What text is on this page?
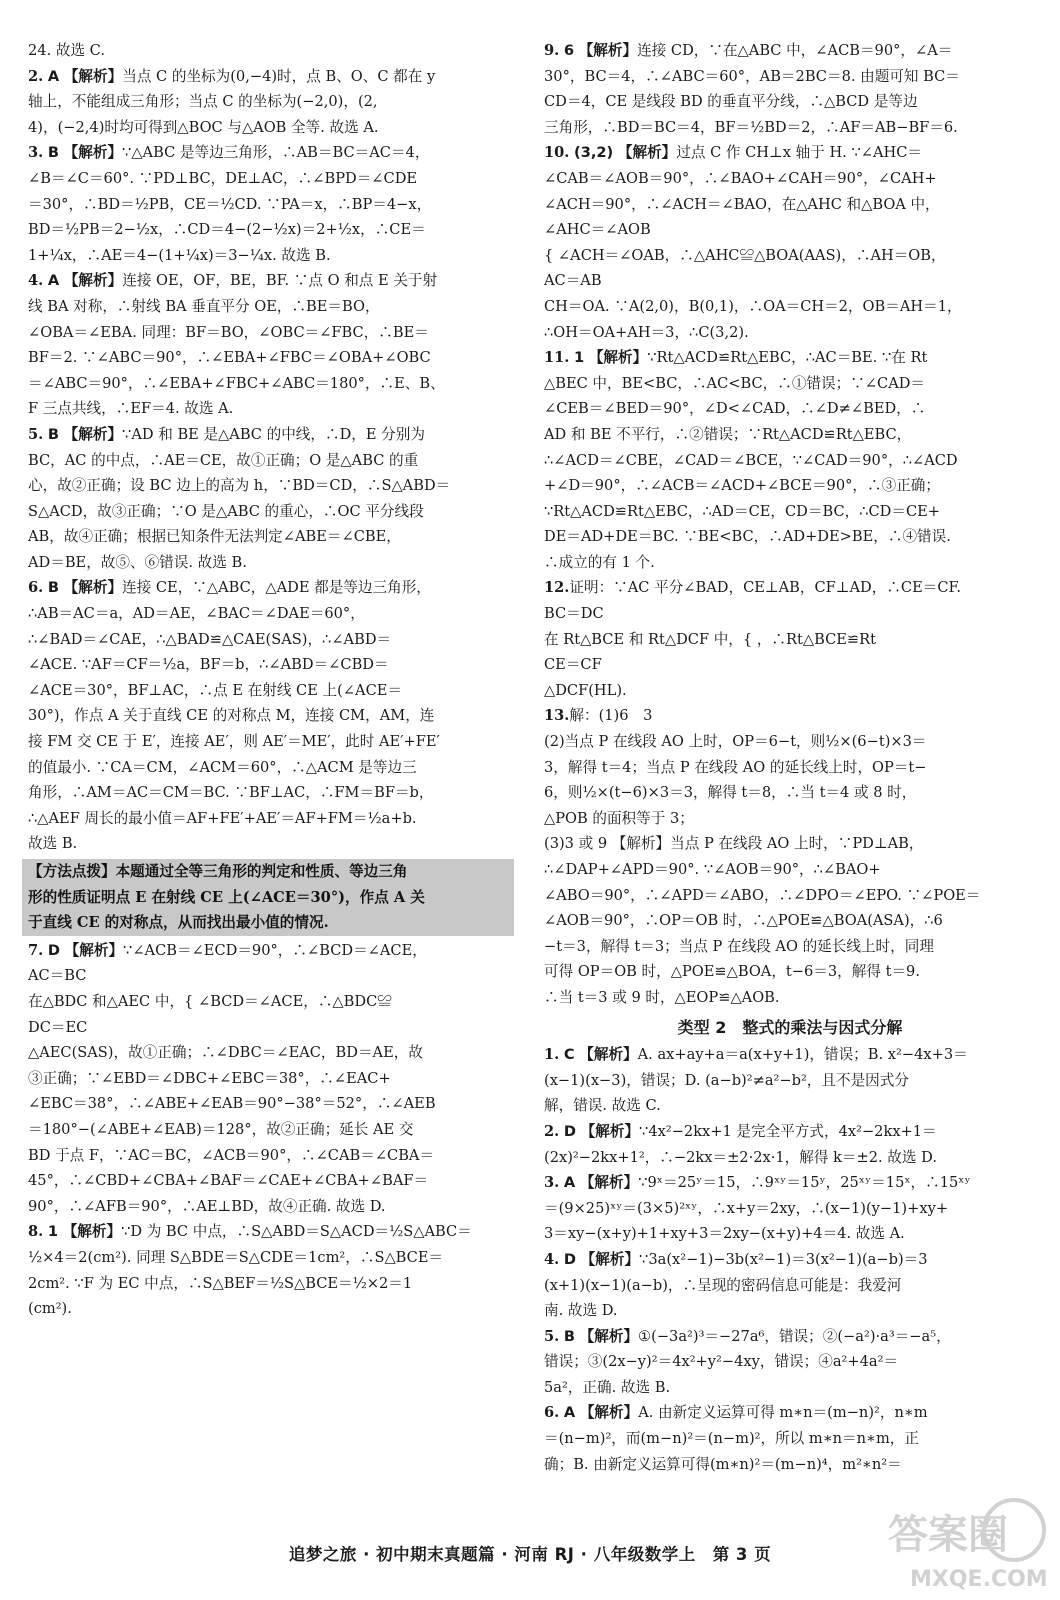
24. 故选 C.
2. A 【解析】当点 C 的坐标为(0,−4)时，点 B、O、C 都在 y
轴上，不能组成三角形；当点 C 的坐标为(−2,0)，(2,
4)，(−2,4)时均可得到△BOC 与△AOB 全等. 故选 A.
3. B 【解析】∵△ABC 是等边三角形，∴AB＝BC＝AC＝4，
∠B＝∠C＝60°. ∵PD⊥BC，DE⊥AC，∴∠BPD＝∠CDE
＝30°，∴BD＝½PB，CE＝½CD. ∵PA＝x，∴BP＝4−x，
BD＝½PB＝2−½x，∴CD＝4−(2−½x)＝2+½x，∴CE＝
1+¼x，∴AE＝4−(1+¼x)＝3−¼x. 故选 B.
4. A 【解析】连接 OE，OF，BE，BF. ∵点 O 和点 E 关于射
线 BA 对称，∴射线 BA 垂直平分 OE，∴BE＝BO，
∠OBA＝∠EBA. 同理：BF＝BO，∠OBC＝∠FBC，∴BE＝
BF＝2. ∵∠ABC＝90°，∴∠EBA+∠FBC＝∠OBA+∠OBC
＝∠ABC＝90°，∴∠EBA+∠FBC+∠ABC＝180°，∴E、B、
F 三点共线，∴EF＝4. 故选 A.
5. B 【解析】∵AD 和 BE 是△ABC 的中线，∴D，E 分别为
BC，AC 的中点，∴AE＝CE，故①正确；O 是△ABC 的重
心，故②正确；设 BC 边上的高为 h，∵BD＝CD，∴S△ABD＝
S△ACD，故③正确；∵O 是△ABC 的重心，∴OC 平分线段
AB，故④正确；根据已知条件无法判定∠ABE＝∠CBE，
AD＝BE，故⑤、⑥错误. 故选 B.
6. B 【解析】连接 CE，∵△ABC，△ADE 都是等边三角形，
∴AB＝AC＝a，AD＝AE，∠BAC＝∠DAE＝60°，
∴∠BAD＝∠CAE，∴△BAD≌△CAE(SAS)，∴∠ABD＝
∠ACE. ∵AF＝CF＝½a，BF＝b，∴∠ABD＝∠CBD＝
∠ACE＝30°，BF⊥AC，∴点 E 在射线 CE 上(∠ACE＝
30°)，作点 A 关于直线 CE 的对称点 M，连接 CM，AM，连
接 FM 交 CE 于 E′，连接 AE′，则 AE′＝ME′，此时 AE′+FE′
的值最小. ∵CA＝CM，∠ACM＝60°，∴△ACM 是等边三
角形，∴AM＝AC＝CM＝BC. ∵BF⊥AC，∴FM＝BF＝b，
∴△AEF 周长的最小值＝AF+FE′+AE′＝AF+FM＝½a+b.
故选 B.
【方法点拨】本题通过全等三角形的判定和性质、等边三角
形的性质证明点 E 在射线 CE 上(∠ACE＝30°)，作点 A 关
于直线 CE 的对称点，从而找出最小值的情况.
7. D 【解析】∵∠ACB＝∠ECD＝90°，∴∠BCD＝∠ACE，
AC＝BC
在△BDC 和△AEC 中，{ ∠BCD＝∠ACE，∴△BDC≌
DC＝EC
△AEC(SAS)，故①正确；∴∠DBC＝∠EAC，BD＝AE，故
③正确；∵∠EBD＝∠DBC+∠EBC＝38°，∴∠EAC+
∠EBC＝38°，∴∠ABE+∠EAB＝90°−38°＝52°，∴∠AEB
＝180°−(∠ABE+∠EAB)＝128°，故②正确；延长 AE 交
BD 于点 F，∵AC＝BC，∠ACB＝90°，∴∠CAB＝∠CBA＝
45°，∴∠CBD+∠CBA+∠BAF＝∠CAE+∠CBA+∠BAF＝
90°，∴∠AFB＝90°，∴AE⊥BD，故④正确. 故选 D.
8. 1 【解析】∵D 为 BC 中点，∴S△ABD＝S△ACD＝½S△ABC＝
½×4＝2(cm²). 同理 S△BDE＝S△CDE＝1cm²，∴S△BCE＝
2cm². ∵F 为 EC 中点，∴S△BEF＝½S△BCE＝½×2＝1
(cm²).
9. 6 【解析】连接 CD，∵在△ABC 中，∠ACB＝90°，∠A＝
30°，BC＝4，∴∠ABC＝60°，AB＝2BC＝8. 由题可知 BC＝
CD＝4，CE 是线段 BD 的垂直平分线，∴△BCD 是等边
三角形，∴BD＝BC＝4，BF＝½BD＝2，∴AF＝AB−BF＝6.
10. (3,2) 【解析】过点 C 作 CH⊥x 轴于 H. ∵∠AHC＝
∠CAB＝∠AOB＝90°，∴∠BAO+∠CAH＝90°，∠CAH+
∠ACH＝90°，∴∠ACH＝∠BAO，在△AHC 和△BOA 中，
∠AHC＝∠AOB
{ ∠ACH＝∠OAB，∴△AHC≌△BOA(AAS)，∴AH＝OB，
AC＝AB
CH＝OA. ∵A(2,0)，B(0,1)，∴OA＝CH＝2，OB＝AH＝1，
∴OH＝OA+AH＝3，∴C(3,2).
11. 1 【解析】∵Rt△ACD≌Rt△EBC，∴AC＝BE. ∵在 Rt
△BEC 中，BE<BC，∴AC<BC，∴①错误；∵∠CAD＝
∠CEB＝∠BED＝90°，∠D<∠CAD，∴∠D≠∠BED，∴
AD 和 BE 不平行，∴②错误；∵Rt△ACD≌Rt△EBC，
∴∠ACD＝∠CBE，∠CAD＝∠BCE，∵∠CAD＝90°，∴∠ACD
+∠D＝90°，∴∠ACB＝∠ACD+∠BCE＝90°，∴③正确；
∵Rt△ACD≌Rt△EBC，∴AD＝CE，CD＝BC，∴CD＝CE+
DE＝AD+DE＝BC. ∵BE<BC，∴AD+DE>BE，∴④错误.
∴成立的有 1 个.
12.证明：∵AC 平分∠BAD，CE⊥AB，CF⊥AD，∴CE＝CF.
BC＝DC
在 Rt△BCE 和 Rt△DCF 中，{ ，∴Rt△BCE≌Rt
CE＝CF
△DCF(HL).
13.解：(1)6　3
(2)当点 P 在线段 AO 上时，OP＝6−t，则½×(6−t)×3＝
3，解得 t＝4；当点 P 在线段 AO 的延长线上时，OP＝t−
6，则½×(t−6)×3＝3，解得 t＝8，∴当 t＝4 或 8 时，
△POB 的面积等于 3；
(3)3 或 9 【解析】当点 P 在线段 AO 上时，∵PD⊥AB，
∴∠DAP+∠APD＝90°. ∵∠AOB＝90°，∴∠BAO+
∠ABO＝90°，∴∠APD＝∠ABO，∴∠DPO＝∠EPO. ∵∠POE＝
∠AOB＝90°，∴OP＝OB 时，∴△POE≌△BOA(ASA)，∴6
−t＝3，解得 t＝3；当点 P 在线段 AO 的延长线上时，同理
可得 OP＝OB 时，△POE≌△BOA，t−6＝3，解得 t＝9.
∴当 t＝3 或 9 时，△EOP≌△AOB.
类型 2　整式的乘法与因式分解
1. C 【解析】A. ax+ay+a＝a(x+y+1)，错误；B. x²−4x+3＝
(x−1)(x−3)，错误；D. (a−b)²≠a²−b²，且不是因式分
解，错误. 故选 C.
2. D 【解析】∵4x²−2kx+1 是完全平方式，4x²−2kx+1＝
(2x)²−2kx+1²，∴−2kx＝±2·2x·1，解得 k＝±2. 故选 D.
3. A 【解析】∵9ˣ＝25ʸ＝15，∴9ˣʸ＝15ʸ，25ˣʸ＝15ˣ，∴15ˣʸ
＝(9×25)ˣʸ＝(3×5)²ˣʸ，∴x+y＝2xy，∴(x−1)(y−1)+xy+
3＝xy−(x+y)+1+xy+3＝2xy−(x+y)+4＝4. 故选 A.
4. D 【解析】∵3a(x²−1)−3b(x²−1)＝3(x²−1)(a−b)＝3
(x+1)(x−1)(a−b)，∴呈现的密码信息可能是：我爱河
南. 故选 D.
5. B 【解析】①(−3a²)³＝−27a⁶，错误；②(−a²)·a³＝−a⁵，
错误；③(2x−y)²＝4x²+y²−4xy，错误；④a²+4a²＝
5a²，正确. 故选 B.
6. A 【解析】A. 由新定义运算可得 m∗n＝(m−n)²，n∗m
＝(n−m)²，而(m−n)²＝(n−m)²，所以 m∗n＝n∗m，正
确；B. 由新定义运算可得(m∗n)²＝(m−n)⁴，m²∗n²＝
追梦之旅 · 初中期末真题篇 · 河南 RJ · 八年级数学上　第 3 页	答案圈
MXQE.COM
